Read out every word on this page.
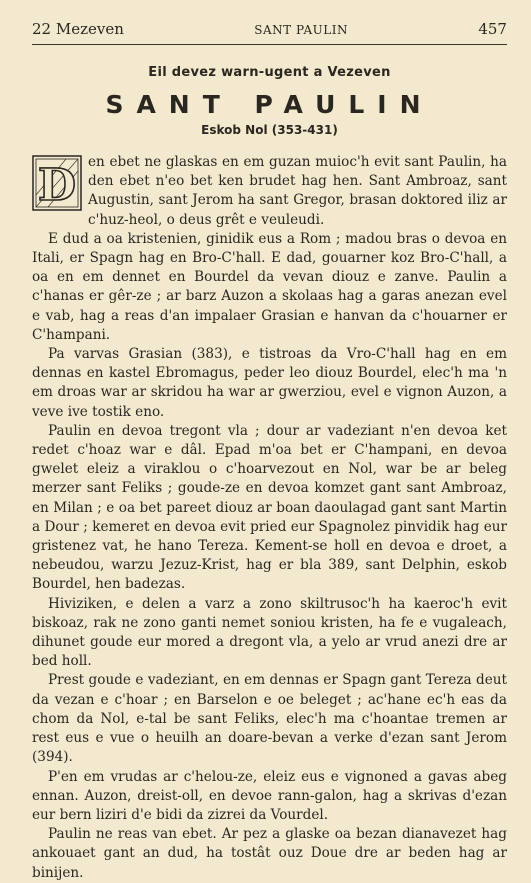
22 Mezeven	SANT PAULIN	457
Eil devez warn-ugent a Vezeven
SANT PAULIN
Eskob Nol (353-431)
D en ebet ne glaskas en em guzan muioc'h evit sant Paulin, ha den ebet n'eo bet ken brudet hag hen. Sant Ambroaz, sant Augustin, sant Jerom ha sant Gregor, brasan doktored iliz ar c'huz-heol, o deus grêt e veuleudi.

E dud a oa kristenien, ginidik eus a Rom ; madou bras o devoa en Itali, er Spagn hag en Bro-C'hall. E dad, gouarner koz Bro-C'hall, a oa en em dennet en Bourdel da vevan diouz e zanve. Paulin a c'hanas er gêr-ze ; ar barz Auzon a skolaas hag a garas anezan evel e vab, hag a reas d'an impalaer Grasian e hanvan da c'houarner er C'hampani.

Pa varvas Grasian (383), e tistroas da Vro-C'hall hag en em dennas en kastel Ebromagus, peder leo diouz Bourdel, elec'h ma 'n em droas war ar skridou ha war ar gwerziou, evel e vignon Auzon, a veve ive tostik eno.

Paulin en devoa tregont vla ; dour ar vadeziant n'en devoa ket redet c'hoaz war e dâl. Epad m'oa bet er C'hampani, en devoa gwelet eleiz a viraklou o c'hoarvezout en Nol, war be ar beleg merzer sant Feliks ; goude-ze en devoa komzet gant sant Ambroaz, en Milan ; e oa bet pareet diouz ar boan daoulagad gant sant Martin a Dour ; kemeret en devoa evit pried eur Spagnolez pinvidik hag eur gristenez vat, he hano Tereza. Kement-se holl en devoa e droet, a nebeudou, warzu Jezuz-Krist, hag er bla 389, sant Delphin, eskob Bourdel, hen badezas.

Hiviziken, e delen a varz a zono skiltrusoc'h ha kaeroc'h evit biskoaz, rak ne zono ganti nemet soniou kristen, ha fe e vugaleach, dihunet goude eur mored a dregont vla, a yelo ar vrud anezi dre ar bed holl.

Prest goude e vadeziant, en em dennas er Spagn gant Tereza deut da vezan e c'hoar ; en Barselon e oe beleget ; ac'hane ec'h eas da chom da Nol, e-tal be sant Feliks, elec'h ma c'hoantae tremen ar rest eus e vue o heuilh an doare-bevan a verke d'ezan sant Jerom (394).

P'en em vrudas ar c'helou-ze, eleiz eus e vignoned a gavas abeg ennan. Auzon, dreist-oll, en devoe rann-galon, hag a skrivas d'ezan eur bern liziri d'e bidi da zizrei da Vourdel.

Paulin ne reas van ebet. Ar pez a glaske oa bezan dianavezet hag ankouaet gant an dud, ha tostât ouz Doue dre ar beden hag ar binijen.
